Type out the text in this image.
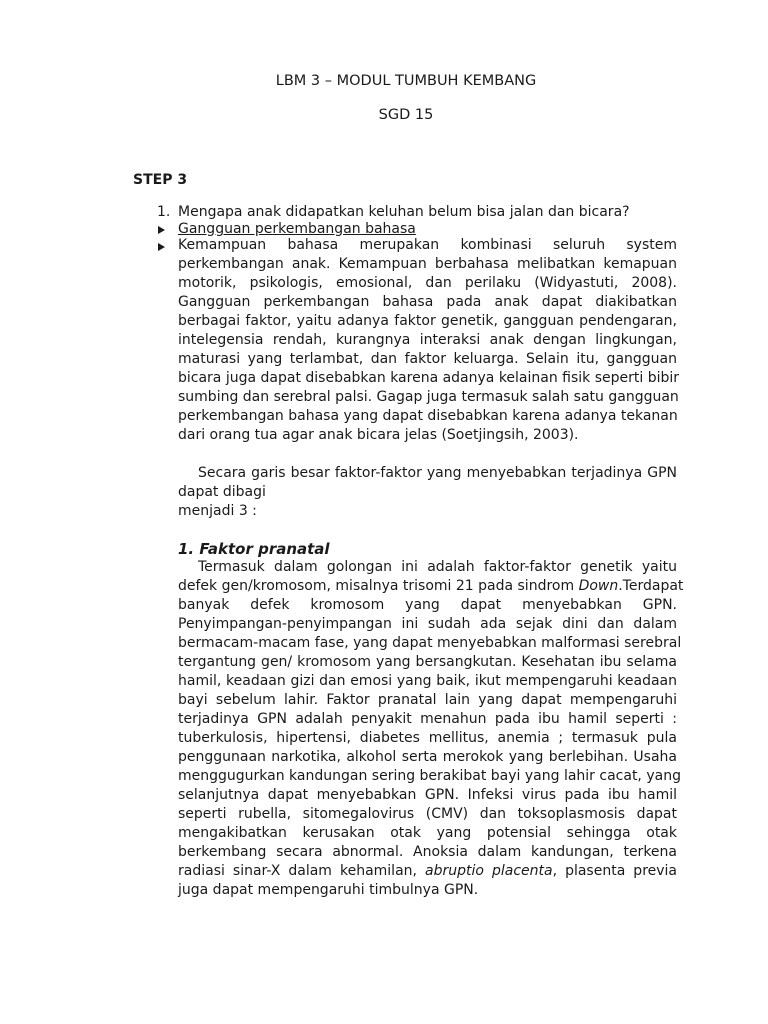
LBM 3 – MODUL TUMBUH KEMBANG
SGD 15
STEP 3
1. Mengapa anak didapatkan keluhan belum bisa jalan dan bicara?
Gangguan perkembangan bahasa
Kemampuan bahasa merupakan kombinasi seluruh system
perkembangan anak. Kemampuan berbahasa melibatkan kemapuan
motorik, psikologis, emosional, dan perilaku (Widyastuti, 2008).
Gangguan perkembangan bahasa pada anak dapat diakibatkan
berbagai faktor, yaitu adanya faktor genetik, gangguan pendengaran,
intelegensia rendah, kurangnya interaksi anak dengan lingkungan,
maturasi yang terlambat, dan faktor keluarga. Selain itu, gangguan
bicara juga dapat disebabkan karena adanya kelainan fisik seperti bibir
sumbing dan serebral palsi. Gagap juga termasuk salah satu gangguan
perkembangan bahasa yang dapat disebabkan karena adanya tekanan
dari orang tua agar anak bicara jelas (Soetjingsih, 2003).
Secara garis besar faktor-faktor yang menyebabkan terjadinya GPN
dapat dibagi
menjadi 3 :
1. Faktor pranatal
Termasuk dalam golongan ini adalah faktor-faktor genetik yaitu
defek gen/kromosom, misalnya trisomi 21 pada sindrom Down.Terdapat
banyak defek kromosom yang dapat menyebabkan GPN.
Penyimpangan-penyimpangan ini sudah ada sejak dini dan dalam
bermacam-macam fase, yang dapat menyebabkan malformasi serebral
tergantung gen/ kromosom yang bersangkutan. Kesehatan ibu selama
hamil, keadaan gizi dan emosi yang baik, ikut mempengaruhi keadaan
bayi sebelum lahir. Faktor pranatal lain yang dapat mempengaruhi
terjadinya GPN adalah penyakit menahun pada ibu hamil seperti :
tuberkulosis, hipertensi, diabetes mellitus, anemia ; termasuk pula
penggunaan narkotika, alkohol serta merokok yang berlebihan. Usaha
menggugurkan kandungan sering berakibat bayi yang lahir cacat, yang
selanjutnya dapat menyebabkan GPN. Infeksi virus pada ibu hamil
seperti rubella, sitomegalovirus (CMV) dan toksoplasmosis dapat
mengakibatkan kerusakan otak yang potensial sehingga otak
berkembang secara abnormal. Anoksia dalam kandungan, terkena
radiasi sinar-X dalam kehamilan, abruptio placenta, plasenta previa
juga dapat mempengaruhi timbulnya GPN.
